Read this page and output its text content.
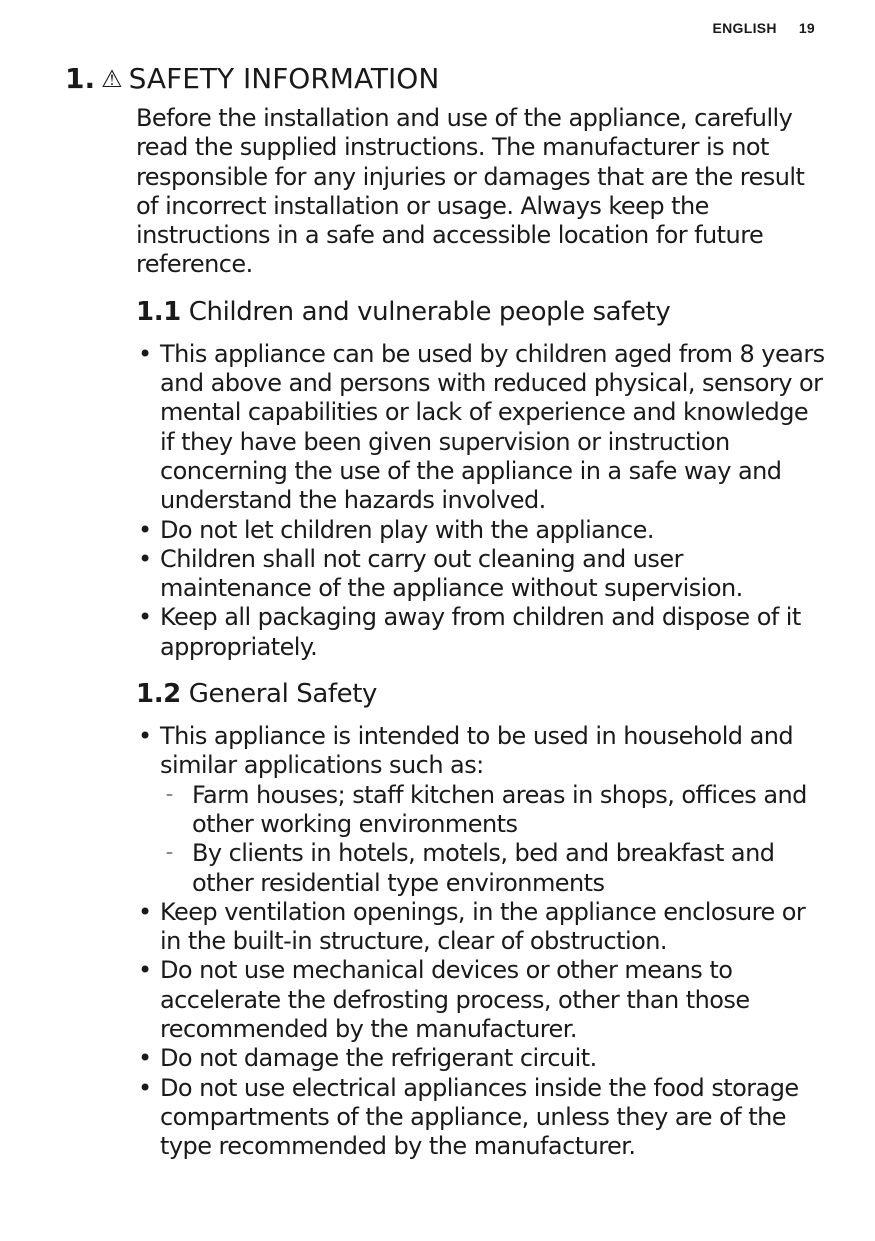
ENGLISH 19
1. ⚠ SAFETY INFORMATION

Before the installation and use of the appliance, carefully read the supplied instructions. The manufacturer is not responsible for any injuries or damages that are the result of incorrect installation or usage. Always keep the instructions in a safe and accessible location for future reference.

1.1 Children and vulnerable people safety
• This appliance can be used by children aged from 8 years and above and persons with reduced physical, sensory or mental capabilities or lack of experience and knowledge if they have been given supervision or instruction concerning the use of the appliance in a safe way and understand the hazards involved.
• Do not let children play with the appliance.
• Children shall not carry out cleaning and user maintenance of the appliance without supervision.
• Keep all packaging away from children and dispose of it appropriately.
1.2 General Safety
• This appliance is intended to be used in household and similar applications such as:
– Farm houses; staff kitchen areas in shops, offices and other working environments
– By clients in hotels, motels, bed and breakfast and other residential type environments
• Keep ventilation openings, in the appliance enclosure or in the built-in structure, clear of obstruction.
• Do not use mechanical devices or other means to accelerate the defrosting process, other than those recommended by the manufacturer.
• Do not damage the refrigerant circuit.
• Do not use electrical appliances inside the food storage compartments of the appliance, unless they are of the type recommended by the manufacturer.
